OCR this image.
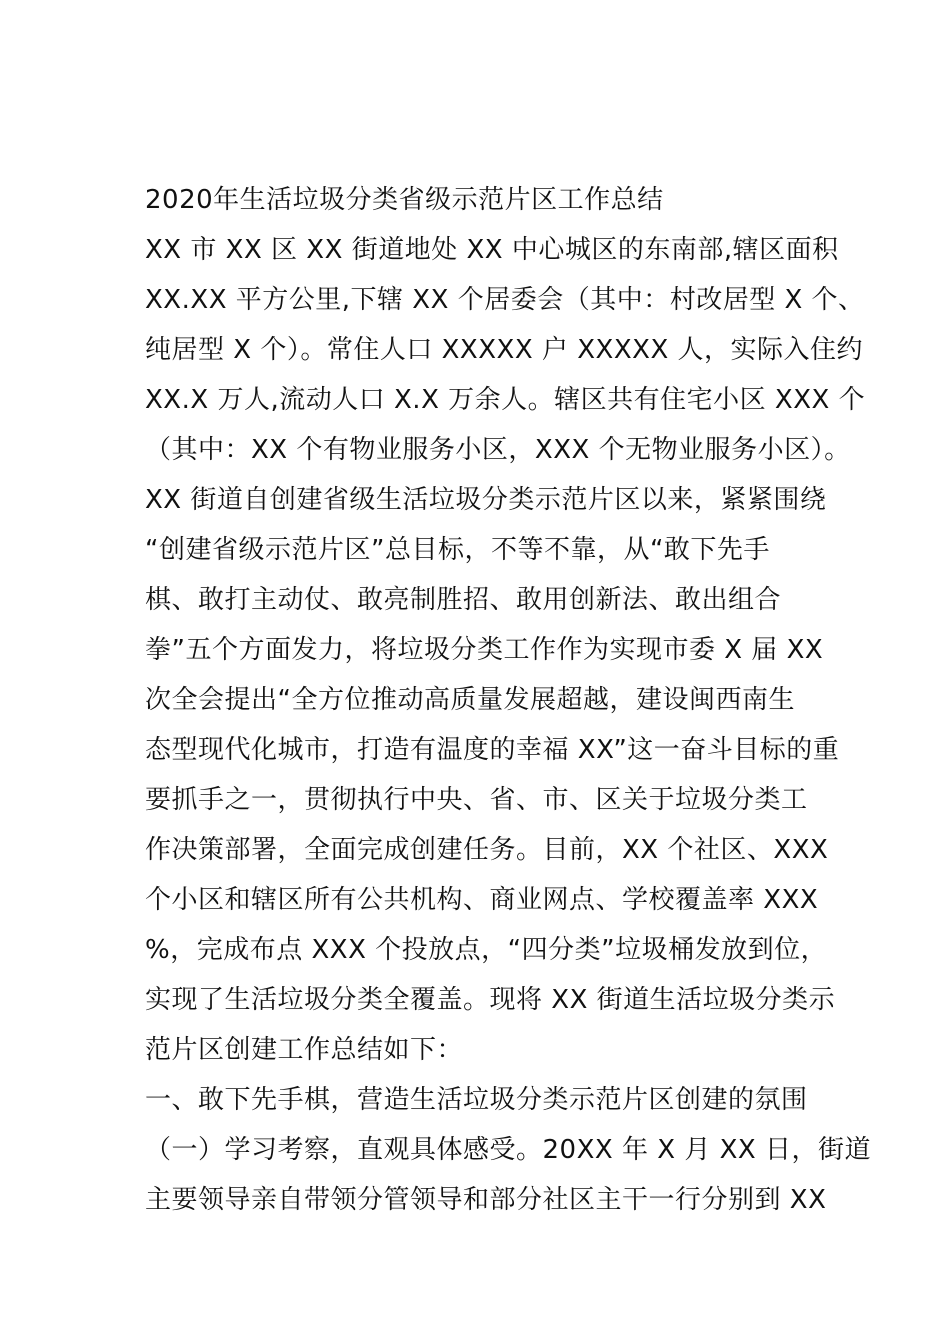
2020年生活垃圾分类省级示范片区工作总结
XX 市 XX 区 XX 街道地处 XX 中心城区的东南部,辖区面积
XX.XX 平方公里,下辖 XX 个居委会（其中：村改居型 X 个、
纯居型 X 个）。常住人口 XXXXX 户 XXXXX 人，实际入住约
XX.X 万人,流动人口 X.X 万余人。辖区共有住宅小区 XXX 个
（其中：XX 个有物业服务小区，XXX 个无物业服务小区）。
XX 街道自创建省级生活垃圾分类示范片区以来，紧紧围绕
“创建省级示范片区”总目标，不等不靠，从“敢下先手
棋、敢打主动仗、敢亮制胜招、敢用创新法、敢出组合
拳”五个方面发力，将垃圾分类工作作为实现市委 X 届 XX
次全会提出“全方位推动高质量发展超越，建设闽西南生
态型现代化城市，打造有温度的幸福 XX”这一奋斗目标的重
要抓手之一，贯彻执行中央、省、市、区关于垃圾分类工
作决策部署，全面完成创建任务。目前，XX 个社区、XXX
个小区和辖区所有公共机构、商业网点、学校覆盖率 XXX
%，完成布点 XXX 个投放点，“四分类”垃圾桶发放到位，
实现了生活垃圾分类全覆盖。现将 XX 街道生活垃圾分类示
范片区创建工作总结如下：
一、敢下先手棋，营造生活垃圾分类示范片区创建的氛围
（一）学习考察，直观具体感受。20XX 年 X 月 XX 日，街道
主要领导亲自带领分管领导和部分社区主干一行分别到 XX
